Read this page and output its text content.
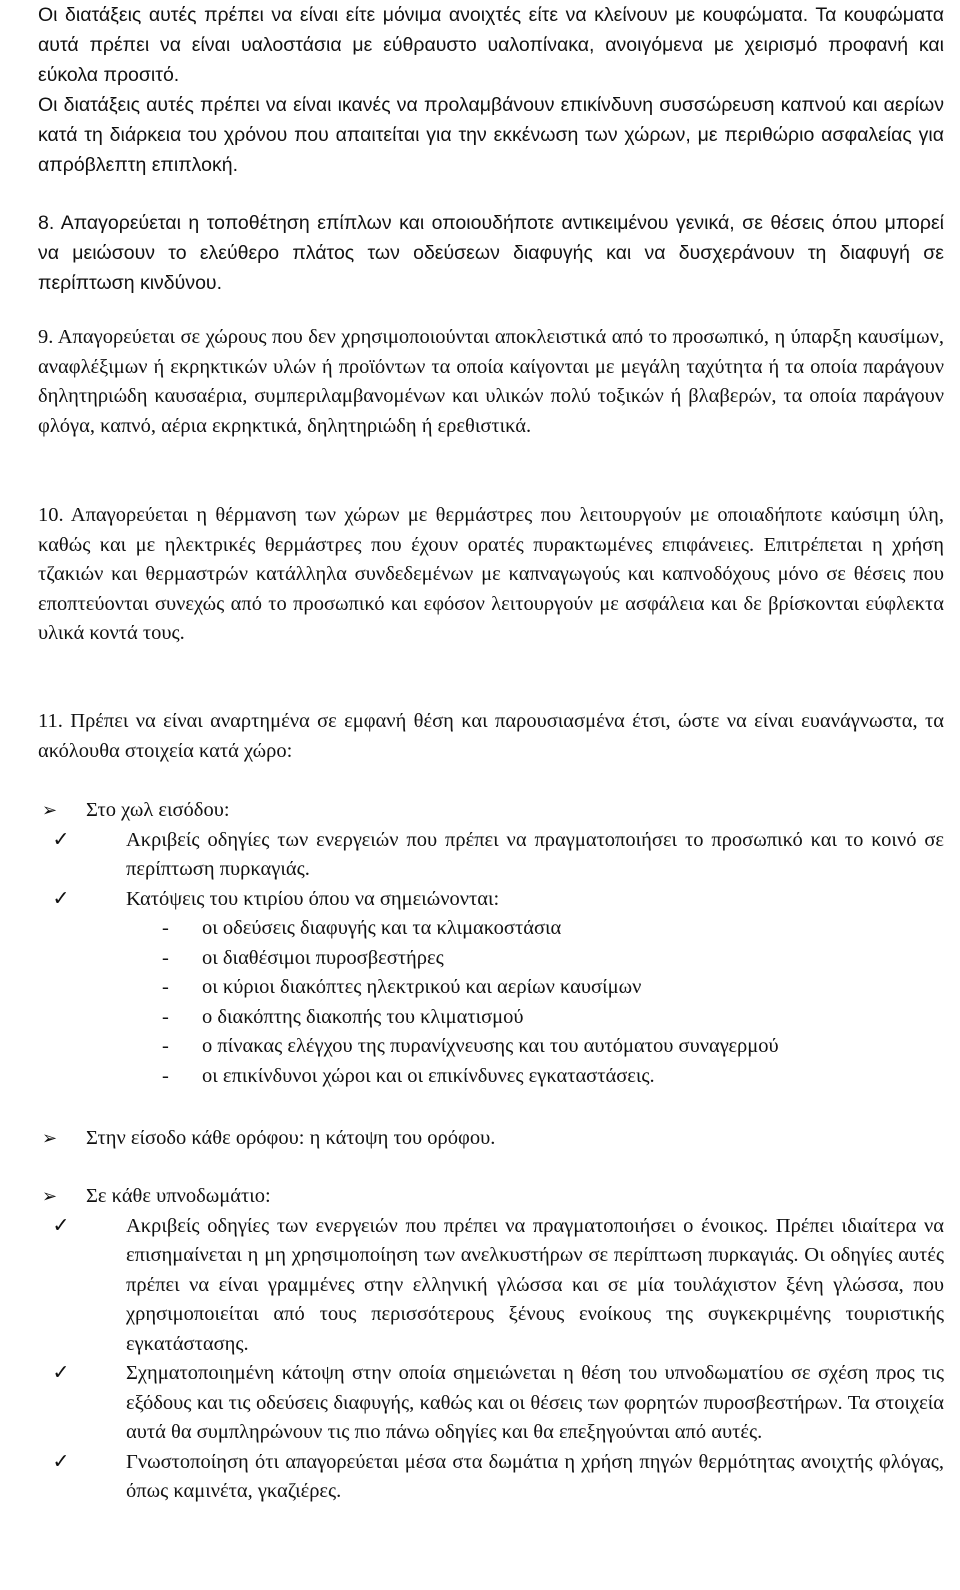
Οι διατάξεις αυτές πρέπει να είναι είτε μόνιμα ανοιχτές είτε να κλείνουν με κουφώματα. Τα κουφώματα αυτά πρέπει να είναι υαλοστάσια με εύθραυστο υαλοπίνακα, ανοιγόμενα με χειρισμό προφανή και εύκολα προσιτό.

Οι διατάξεις αυτές πρέπει να είναι ικανές να προλαμβάνουν επικίνδυνη συσσώρευση καπνού και αερίων κατά τη διάρκεια του χρόνου που απαιτείται για την εκκένωση των χώρων, με περιθώριο ασφαλείας για απρόβλεπτη επιπλοκή.

8. Απαγορεύεται η τοποθέτηση επίπλων και οποιουδήποτε αντικειμένου γενικά, σε θέσεις όπου μπορεί να μειώσουν το ελεύθερο πλάτος των οδεύσεων διαφυγής και να δυσχεράνουν τη διαφυγή σε περίπτωση κινδύνου.

9. Απαγορεύεται σε χώρους που δεν χρησιμοποιούνται αποκλειστικά από το προσωπικό, η ύπαρξη καυσίμων, αναφλέξιμων ή εκρηκτικών υλών ή προϊόντων τα οποία καίγονται με μεγάλη ταχύτητα ή τα οποία παράγουν δηλητηριώδη καυσαέρια, συμπεριλαμβανομένων και υλικών πολύ τοξικών ή βλαβερών, τα οποία παράγουν φλόγα, καπνό, αέρια εκρηκτικά, δηλητηριώδη ή ερεθιστικά.

10. Απαγορεύεται η θέρμανση των χώρων με θερμάστρες που λειτουργούν με οποιαδήποτε καύσιμη ύλη, καθώς και με ηλεκτρικές θερμάστρες που έχουν ορατές πυρακτωμένες επιφάνειες. Επιτρέπεται η χρήση τζακιών και θερμαστρών κατάλληλα συνδεδεμένων με καπναγωγούς και καπνοδόχους μόνο σε θέσεις που εποπτεύονται συνεχώς από το προσωπικό και εφόσον λειτουργούν με ασφάλεια και δε βρίσκονται εύφλεκτα υλικά κοντά τους.

11. Πρέπει να είναι αναρτημένα σε εμφανή θέση και παρουσιασμένα έτσι, ώστε να είναι ευανάγνωστα, τα ακόλουθα στοιχεία κατά χώρο:

➢ Στο χωλ εισόδου:

✓	Ακριβείς οδηγίες των ενεργειών που πρέπει να πραγματοποιήσει το προσωπικό και το κοινό σε περίπτωση πυρκαγιάς.

✓	Κατόψεις του κτιρίου όπου να σημειώνονται:

- οι οδεύσεις διαφυγής και τα κλιμακοστάσια

- οι διαθέσιμοι πυροσβεστήρες

- οι κύριοι διακόπτες ηλεκτρικού και αερίων καυσίμων

- ο διακόπτης διακοπής του κλιματισμού

- ο πίνακας ελέγχου της πυρανίχνευσης και του αυτόματου συναγερμού

- οι επικίνδυνοι χώροι και οι επικίνδυνες εγκαταστάσεις.

➢ Στην είσοδο κάθε ορόφου: η κάτοψη του ορόφου.

➢ Σε κάθε υπνοδωμάτιο:

✓	Ακριβείς οδηγίες των ενεργειών που πρέπει να πραγματοποιήσει ο ένοικος. Πρέπει ιδιαίτερα να επισημαίνεται η μη χρησιμοποίηση των ανελκυστήρων σε περίπτωση πυρκαγιάς. Οι οδηγίες αυτές πρέπει να είναι γραμμένες στην ελληνική γλώσσα και σε μία τουλάχιστον ξένη γλώσσα, που χρησιμοποιείται από τους περισσότερους ξένους ενοίκους της συγκεκριμένης τουριστικής εγκατάστασης.

✓	Σχηματοποιημένη κάτοψη στην οποία σημειώνεται η θέση του υπνοδωματίου σε σχέση προς τις εξόδους και τις οδεύσεις διαφυγής, καθώς και οι θέσεις των φορητών πυροσβεστήρων. Τα στοιχεία αυτά θα συμπληρώνουν τις πιο πάνω οδηγίες και θα επεξηγούνται από αυτές.

✓	Γνωστοποίηση ότι απαγορεύεται μέσα στα δωμάτια η χρήση πηγών θερμότητας ανοιχτής φλόγας, όπως καμινέτα, γκαζιέρες.
